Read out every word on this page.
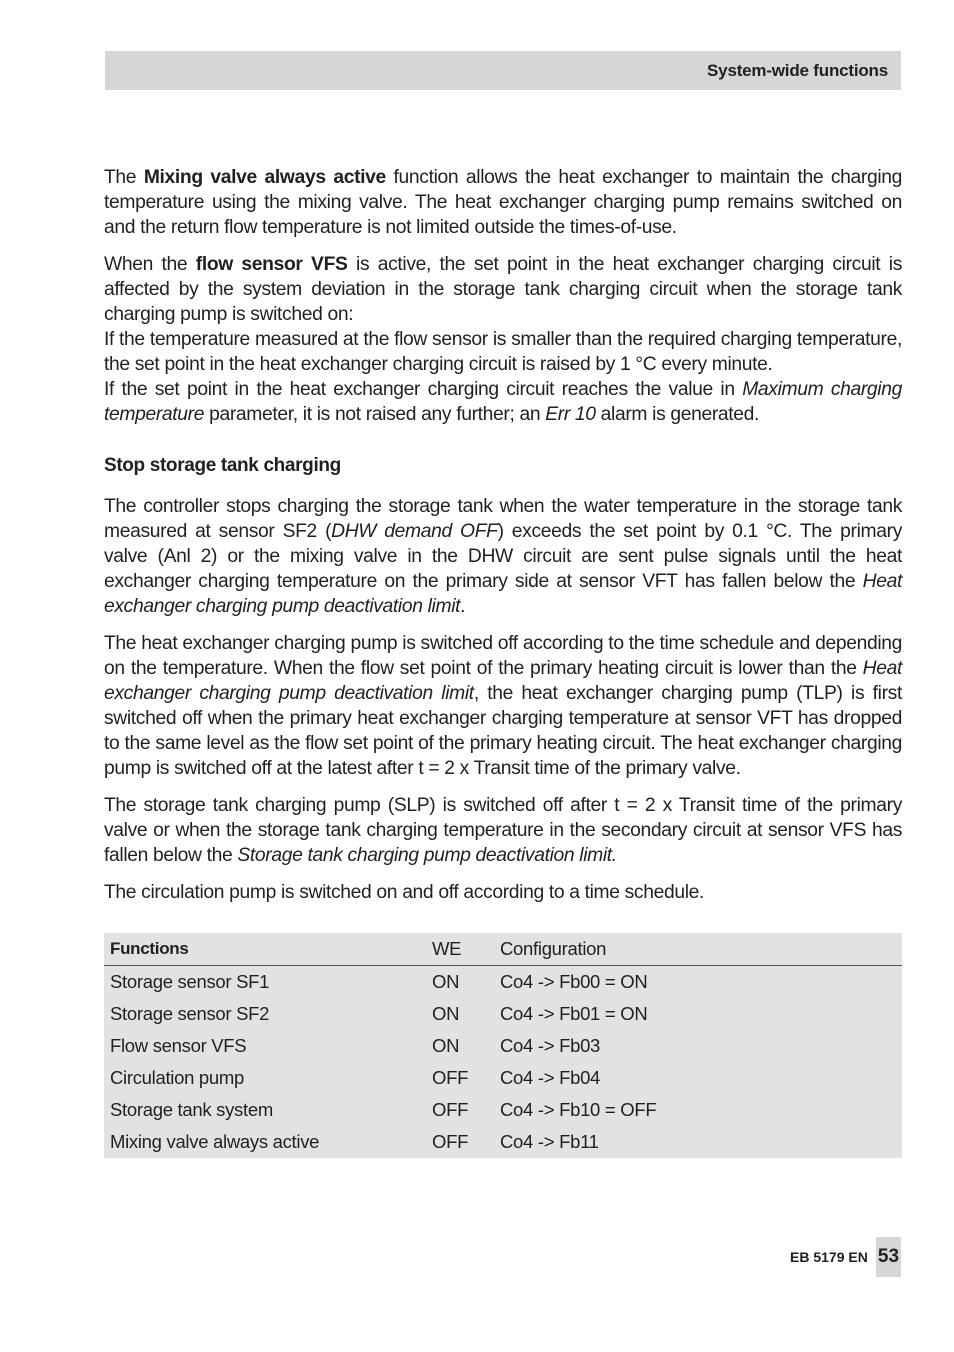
System-wide functions

The Mixing valve always active function allows the heat exchanger to maintain the charging temperature using the mixing valve. The heat exchanger charging pump remains switched on and the return flow temperature is not limited outside the times-of-use.

When the flow sensor VFS is active, the set point in the heat exchanger charging circuit is affected by the system deviation in the storage tank charging circuit when the storage tank charging pump is switched on:
If the temperature measured at the flow sensor is smaller than the required charging temperature, the set point in the heat exchanger charging circuit is raised by 1 °C every minute.
If the set point in the heat exchanger charging circuit reaches the value in Maximum charging temperature parameter, it is not raised any further; an Err 10 alarm is generated.

Stop storage tank charging

The controller stops charging the storage tank when the water temperature in the storage tank measured at sensor SF2 (DHW demand OFF) exceeds the set point by 0.1 °C. The primary valve (Anl 2) or the mixing valve in the DHW circuit are sent pulse signals until the heat exchanger charging temperature on the primary side at sensor VFT has fallen below the Heat exchanger charging pump deactivation limit.

The heat exchanger charging pump is switched off according to the time schedule and depending on the temperature. When the flow set point of the primary heating circuit is lower than the Heat exchanger charging pump deactivation limit, the heat exchanger charging pump (TLP) is first switched off when the primary heat exchanger charging temperature at sensor VFT has dropped to the same level as the flow set point of the primary heating circuit. The heat exchanger charging pump is switched off at the latest after t = 2 x Transit time of the primary valve.

The storage tank charging pump (SLP) is switched off after t = 2 x Transit time of the primary valve or when the storage tank charging temperature in the secondary circuit at sensor VFS has fallen below the Storage tank charging pump deactivation limit.

The circulation pump is switched on and off according to a time schedule.

Functions	WE	Configuration
Storage sensor SF1	ON	Co4 -> Fb00 = ON
Storage sensor SF2	ON	Co4 -> Fb01 = ON
Flow sensor VFS	ON	Co4 -> Fb03
Circulation pump	OFF	Co4 -> Fb04
Storage tank system	OFF	Co4 -> Fb10 = OFF
Mixing valve always active	OFF	Co4 -> Fb11
EB 5179 EN 53
